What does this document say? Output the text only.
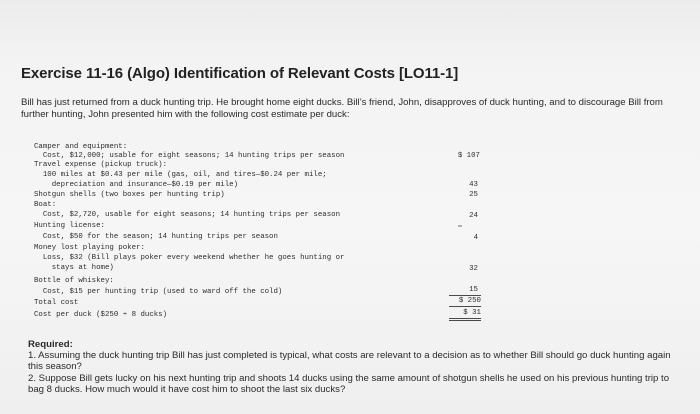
Exercise 11-16 (Algo) Identification of Relevant Costs [LO11-1]
Bill has just returned from a duck hunting trip. He brought home eight ducks. Bill’s friend, John, disapproves of duck hunting, and to discourage Bill from further hunting, John presented him with the following cost estimate per duck:
Camper and equipment:
Cost, $12,000; usable for eight seasons; 14 hunting trips per season
Travel expense (pickup truck):
100 miles at $0.43 per mile (gas, oil, and tires—$0.24 per mile;
depreciation and insurance—$0.19 per mile)
Shotgun shells (two boxes per hunting trip)
Boat:
Cost, $2,720, usable for eight seasons; 14 hunting trips per season
Hunting license:
Cost, $50 for the season; 14 hunting trips per season
Money lost playing poker:
Loss, $32 (Bill plays poker every weekend whether he goes hunting or
stays at home)
Bottle of whiskey:
Cost, $15 per hunting trip (used to ward off the cold)
Total cost
Cost per duck ($250 ÷ 8 ducks)
$ 107
43
25
24
4
32
15
$ 250
$ 31
Required:
1. Assuming the duck hunting trip Bill has just completed is typical, what costs are relevant to a decision as to whether Bill should go duck hunting again this season?
2. Suppose Bill gets lucky on his next hunting trip and shoots 14 ducks using the same amount of shotgun shells he used on his previous hunting trip to bag 8 ducks. How much would it have cost him to shoot the last six ducks?
